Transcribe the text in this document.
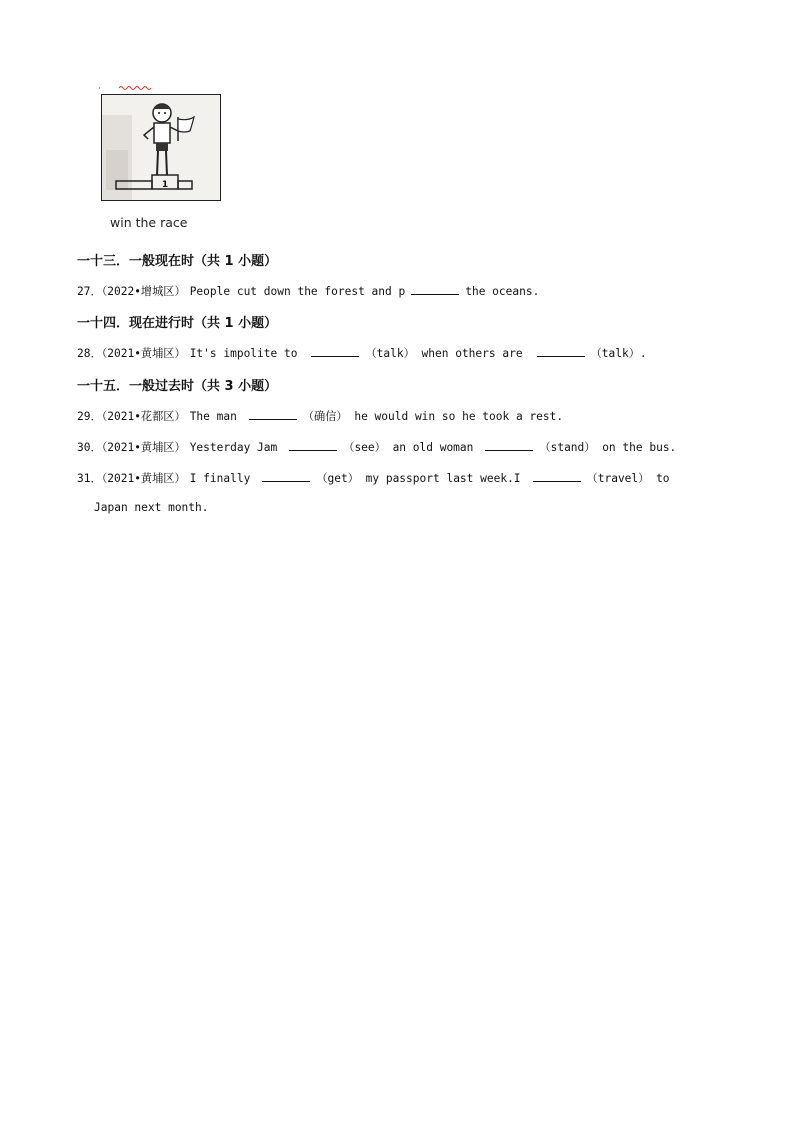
1
win the race
一十三．一般现在时（共 1 小题）
27．（2022•增城区） People cut down the forest and p	the oceans.
一十四．现在进行时（共 1 小题）
28．（2021•黄埔区） It's impolite to	（talk） when others are	（talk）.
一十五．一般过去时（共 3 小题）
29．（2021•花都区） The man	（确信） he would win so he took a rest.
30．（2021•黄埔区） Yesterday Jam	（see） an old woman	（stand） on the bus.
31．（2021•黄埔区） I finally	（get） my passport last week.I	（travel） to
Japan next month.
